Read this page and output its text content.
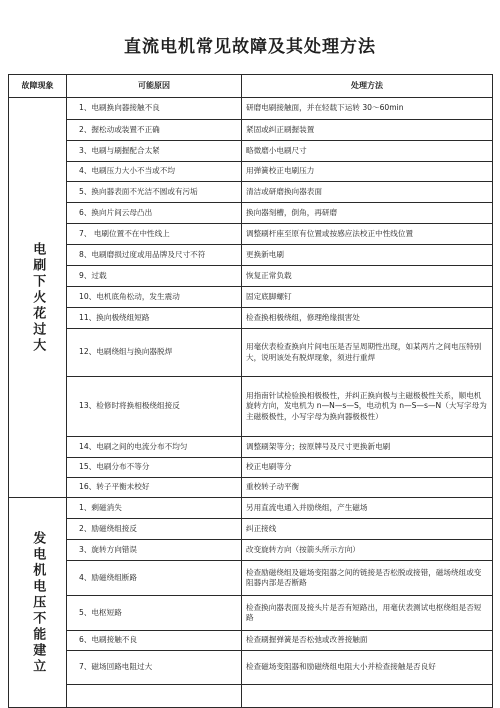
直流电机常见故障及其处理方法
故障现象	可能原因	处理方法
电刷下火花过大	1、电刷换向器接触不良	研磨电刷接触面，并在轻载下运转 30～60min
	2、握松动或装置不正确	紧固或纠正刷握装置
	3、电刷与刷握配合太紧	略微磨小电刷尺寸
	4、电刷压力大小不当或不均	用弹簧校正电刷压力
	5、换向器表面不光洁不圆或有污垢	清洁或研磨换向器表面
	6、换向片间云母凸出	换向器刻槽，倒角，再研磨
	7、 电刷位置不在中性线上	调整刷杆座至原有位置或按感应法校正中性线位置
	8、电刷磨损过度或用品牌及尺寸不符	更换新电刷
	9、过载	恢复正常负载
	10、电机底角松动，发生震动	固定底脚螺钉
	11、换向极绕组短路	检查换相极绕组，修理绝缘损害处
	12、电刷绕组与换向器脱焊	用毫伏表检查换向片间电压是否呈周期性出现，如某两片之间电压特别大，说明该处有脱焊现象，须进行重焊
	13、检修时将换相极绕组接反	用指南针试检验换相极极性，并纠正换向极与主磁极极性关系，顺电机旋转方向，发电机为 n—N—s—S，电动机为 n—S—s—N（大写字母为主磁极极性，小写字母为换向器极极性）
	14、电刷之间的电流分布不均匀	调整刷架等分；按原牌号及尺寸更换新电刷
	15、电刷分布不等分	校正电刷等分
	16、转子平衡未校好	重校转子动平衡
发电机电压不能建立	1、剩磁消失	另用直流电通入并励绕组，产生磁场
	2、励磁绕组接反	纠正接线
	3、旋转方向错误	改变旋转方向（按箭头所示方向）
	4、励磁绕组断路	检查励磁绕组及磁场变阻器之间的链接是否松脱或接错，磁场绕组或变阻器内部是否断路
	5、电枢短路	检查换向器表面及接头片是否有短路出，用毫伏表测试电枢绕组是否短路
	6、电刷接触不良	检查刷握弹簧是否松弛或改善接触面
	7、磁场回路电阻过大	检查磁场变阻器和励磁绕组电阻大小并检查接触是否良好
